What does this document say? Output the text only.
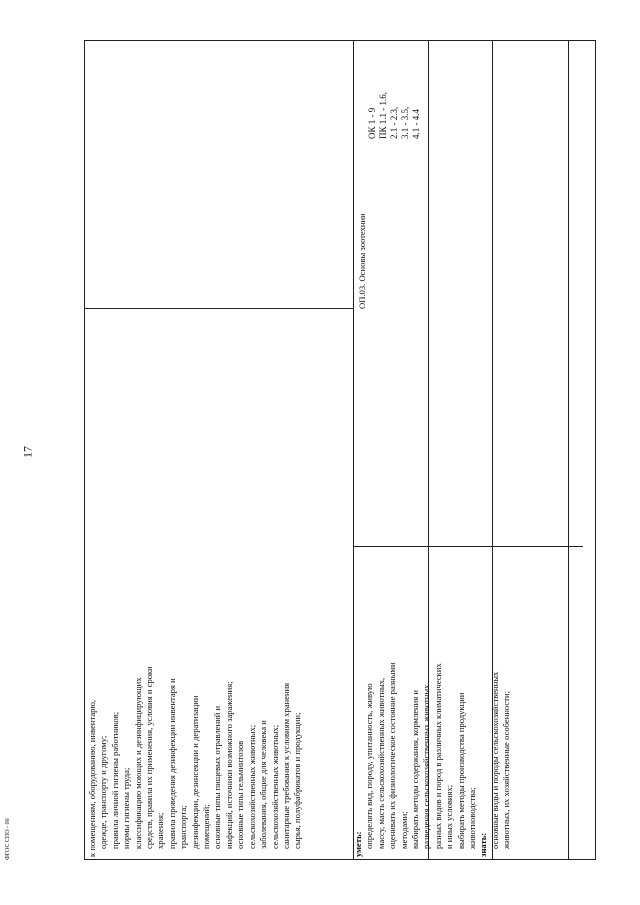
17
ФГОС СПО - 06	к помещениям, оборудованию, инвентарю, одежде, транспорту и другому; правила личной гигиены работников; нормы гигиены труда; классификацию моющих и дезинфицирующих средств, правила их применения, условия и сроки хранения; правила проведения дезинфекции инвентаря и транспорта; дезинфекции, дезинсекции и дератизации помещений; основные типы пищевых отравлений и инфекций, источники возможного заражения; основные типы гельминтозов сельскохозяйственных животных; заболевания, общие для человека и сельскохозяйственных животных; санитарные требования к условиям хранения сырья, полуфабрикатов и продукции;	уметь: определять вид, породу, упитанность, живую массу, масть сельскохозяйственных животных, оценивать их физиологическое состояние разными методами; выбирать методы содержания, кормления и разведения сельскохозяйственных животных разных видов и пород в различных климатических и иных условиях; выбирать методы производства продукции животноводства; знать: основные виды и породы сельскохозяйственных животных, их хозяйственные особенности;

ОП.03. Основы зоотехнии

ОК 1 - 9 ПК 1.1 - 1.6, 2.1 - 2.3, 3.1 - 3.5, 4.1 - 4.4
